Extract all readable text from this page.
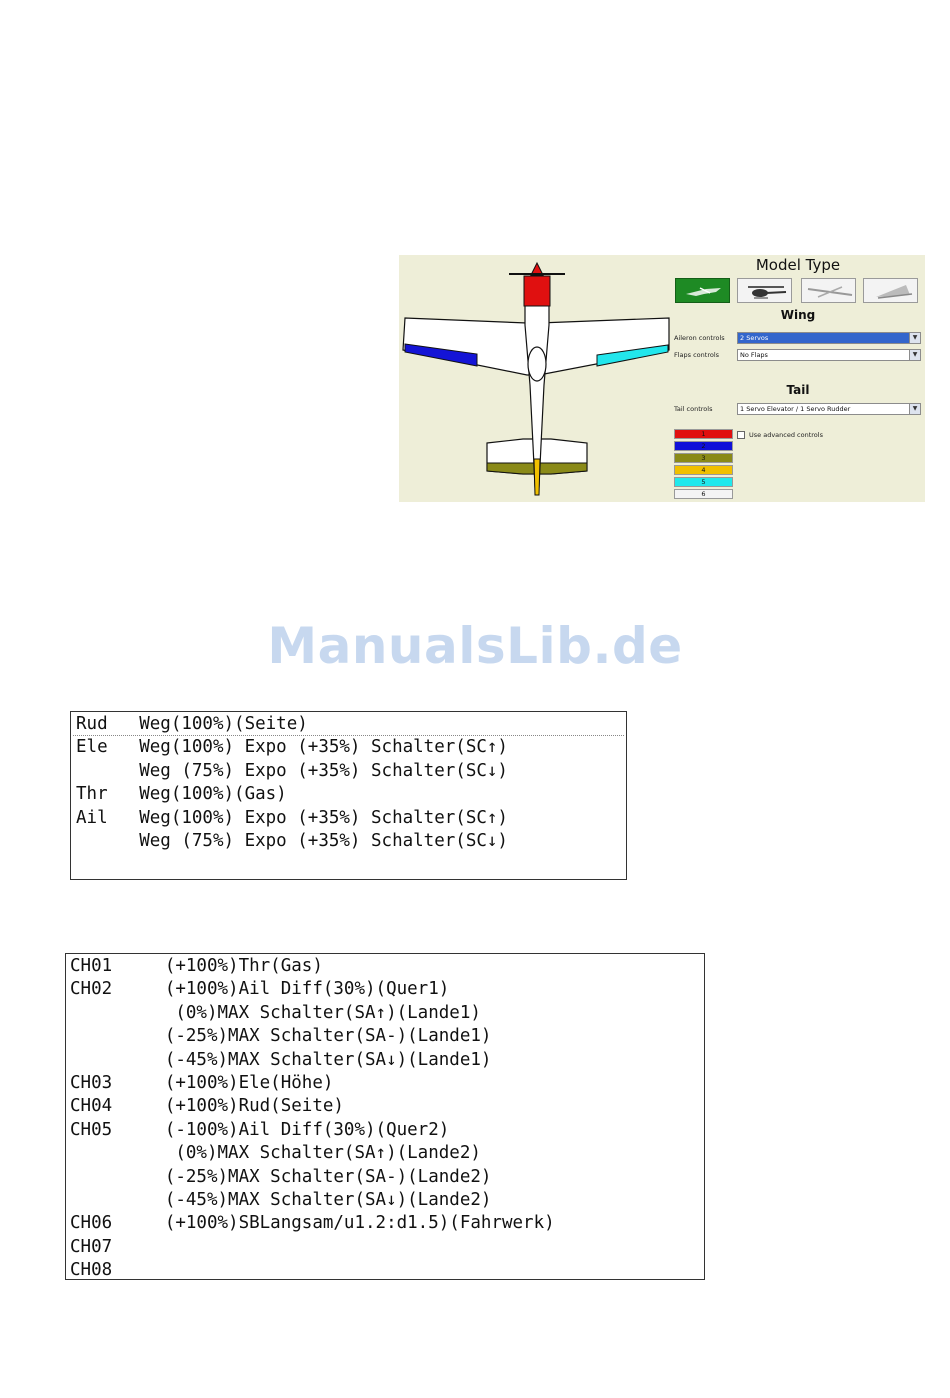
Model Type
Wing
Aileron controls	2 Servos	▼
Flaps controls	No Flaps	▼
Tail
Tail controls	1 Servo Elevator / 1 Servo Rudder	▼
1
2
3
4
5
6
Use advanced controls
ManualsLib.de
Rud   Weg(100%)(Seite)
Ele   Weg(100%) Expo (+35%) Schalter(SC↑)
Weg (75%) Expo (+35%) Schalter(SC↓)
Thr   Weg(100%)(Gas)
Ail   Weg(100%) Expo (+35%) Schalter(SC↑)
Weg (75%) Expo (+35%) Schalter(SC↓)
CH01     (+100%)Thr(Gas)
CH02     (+100%)Ail Diff(30%)(Quer1)
(0%)MAX Schalter(SA↑)(Lande1)
(-25%)MAX Schalter(SA-)(Lande1)
(-45%)MAX Schalter(SA↓)(Lande1)
CH03     (+100%)Ele(Höhe)
CH04     (+100%)Rud(Seite)
CH05     (-100%)Ail Diff(30%)(Quer2)
(0%)MAX Schalter(SA↑)(Lande2)
(-25%)MAX Schalter(SA-)(Lande2)
(-45%)MAX Schalter(SA↓)(Lande2)
CH06     (+100%)SBLangsam/u1.2:d1.5)(Fahrwerk)
CH07
CH08
